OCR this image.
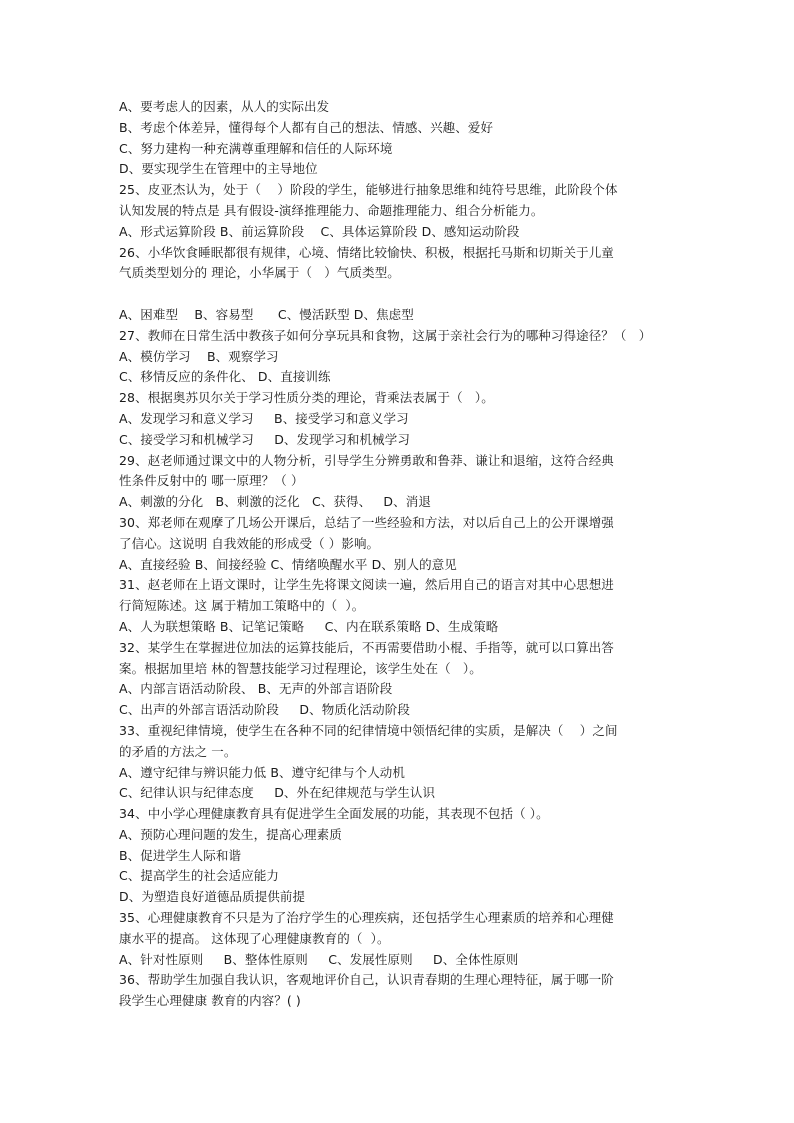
A、要考虑人的因素，从人的实际出发
B、考虑个体差异，懂得每个人都有自己的想法、情感、兴趣、爱好
C、努力建构一种充满尊重理解和信任的人际环境
D、要实现学生在管理中的主导地位
25、皮亚杰认为，处于（    ）阶段的学生，能够进行抽象思维和纯符号思维，此阶段个体
认知发展的特点是 具有假设-演绎推理能力、命题推理能力、组合分析能力。
A、形式运算阶段 B、前运算阶段    C、具体运算阶段 D、感知运动阶段
26、小华饮食睡眠都很有规律，心境、情绪比较愉快、积极，根据托马斯和切斯关于儿童
气质类型划分的 理论，小华属于（   ）气质类型。
A、困难型    B、容易型      C、慢活跃型 D、焦虑型
27、教师在日常生活中教孩子如何分享玩具和食物，这属于亲社会行为的哪种习得途径？（   ）
A、模仿学习    B、观察学习
C、移情反应的条件化、 D、直接训练
28、根据奥苏贝尔关于学习性质分类的理论，背乘法表属于（   ）。
A、发现学习和意义学习     B、接受学习和意义学习
C、接受学习和机械学习     D、发现学习和机械学习
29、赵老师通过课文中的人物分析，引导学生分辨勇敢和鲁莽、谦让和退缩，这符合经典
性条件反射中的 哪一原理？（ ）
A、刺激的分化   B、刺激的泛化   C、获得、   D、消退
30、郑老师在观摩了几场公开课后，总结了一些经验和方法，对以后自己上的公开课增强
了信心。这说明 自我效能的形成受（ ）影响。
A、直接经验 B、间接经验 C、情绪唤醒水平 D、别人的意见
31、赵老师在上语文课时，让学生先将课文阅读一遍，然后用自己的语言对其中心思想进
行简短陈述。这 属于精加工策略中的（  ）。
A、人为联想策略 B、记笔记策略     C、内在联系策略 D、生成策略
32、某学生在掌握进位加法的运算技能后，不再需要借助小棍、手指等，就可以口算出答
案。根据加里培 林的智慧技能学习过程理论，该学生处在（   ）。
A、内部言语活动阶段、 B、无声的外部言语阶段
C、出声的外部言语活动阶段     D、物质化活动阶段
33、重视纪律情境，使学生在各种不同的纪律情境中领悟纪律的实质，是解决（    ）之间
的矛盾的方法之 一。
A、遵守纪律与辨识能力低 B、遵守纪律与个人动机
C、纪律认识与纪律态度     D、外在纪律规范与学生认识
34、中小学心理健康教育具有促进学生全面发展的功能，其表现不包括（ ）。
A、预防心理问题的发生，提高心理素质
B、促进学生人际和谐
C、提高学生的社会适应能力
D、为塑造良好道德品质提供前提
35、心理健康教育不只是为了治疗学生的心理疾病，还包括学生心理素质的培养和心理健
康水平的提高。 这体现了心理健康教育的（  ）。
A、针对性原则     B、整体性原则     C、发展性原则     D、全体性原则
36、帮助学生加强自我认识，客观地评价自己，认识青春期的生理心理特征，属于哪一阶
段学生心理健康 教育的内容？( )
